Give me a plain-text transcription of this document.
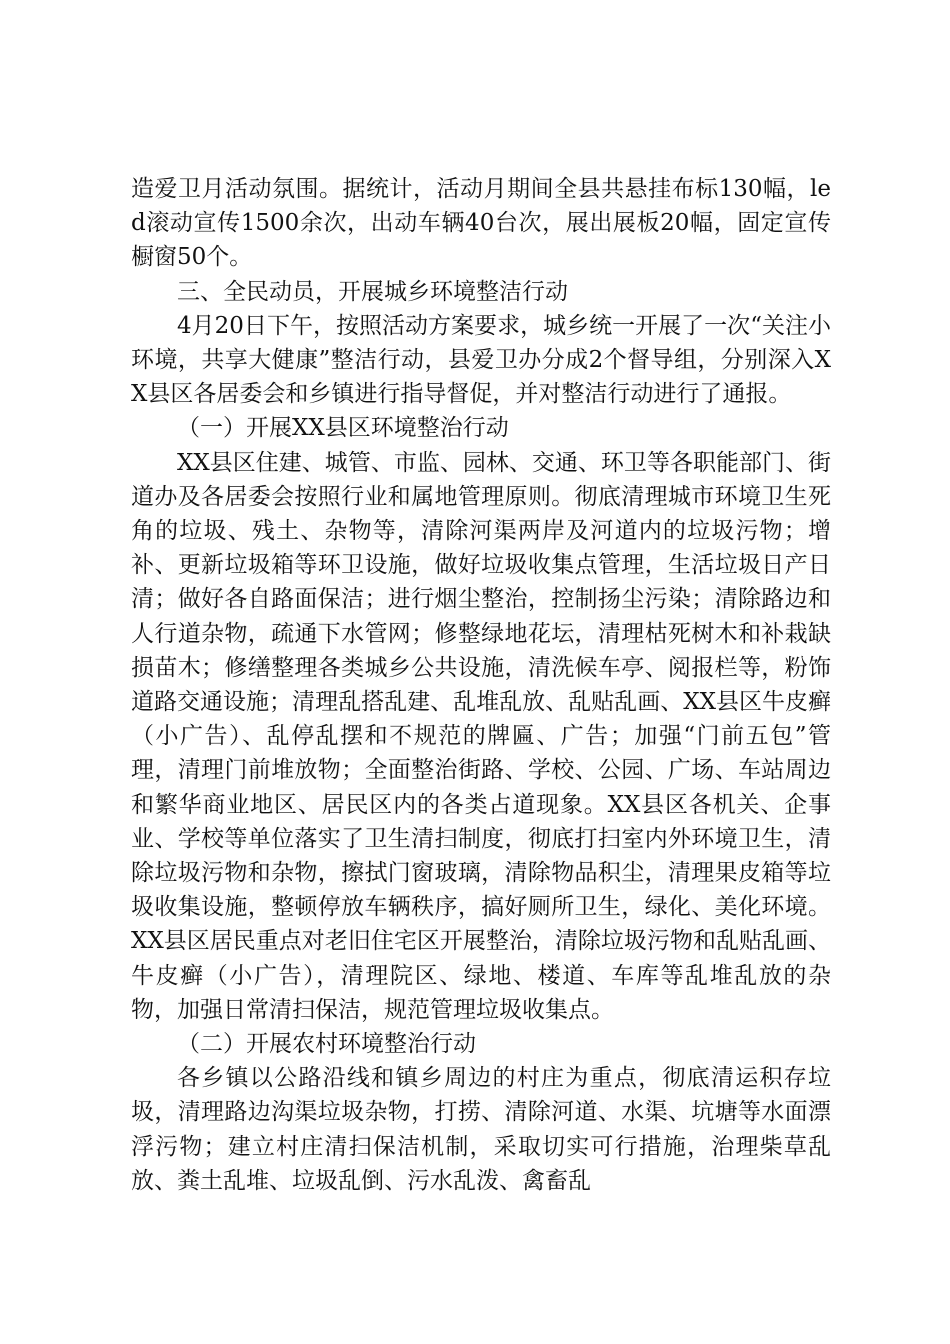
造爱卫月活动氛围。据统计，活动月期间全县共悬挂布标130幅，led滚动宣传1500余次，出动车辆40台次，展出展板20幅，固定宣传橱窗50个。

三、全民动员，开展城乡环境整洁行动

4月20日下午，按照活动方案要求，城乡统一开展了一次“关注小环境，共享大健康”整洁行动，县爱卫办分成2个督导组，分别深入XX县区各居委会和乡镇进行指导督促，并对整洁行动进行了通报。

（一）开展XX县区环境整治行动

XX县区住建、城管、市监、园林、交通、环卫等各职能部门、街道办及各居委会按照行业和属地管理原则。彻底清理城市环境卫生死角的垃圾、残土、杂物等，清除河渠两岸及河道内的垃圾污物；增补、更新垃圾箱等环卫设施，做好垃圾收集点管理，生活垃圾日产日清；做好各自路面保洁；进行烟尘整治，控制扬尘污染；清除路边和人行道杂物，疏通下水管网；修整绿地花坛，清理枯死树木和补栽缺损苗木；修缮整理各类城乡公共设施，清洗候车亭、阅报栏等，粉饰道路交通设施；清理乱搭乱建、乱堆乱放、乱贴乱画、XX县区牛皮癣（小广告）、乱停乱摆和不规范的牌匾、广告；加强“门前五包”管理，清理门前堆放物；全面整治街路、学校、公园、广场、车站周边和繁华商业地区、居民区内的各类占道现象。XX县区各机关、企事业、学校等单位落实了卫生清扫制度，彻底打扫室内外环境卫生，清除垃圾污物和杂物，擦拭门窗玻璃，清除物品积尘，清理果皮箱等垃圾收集设施，整顿停放车辆秩序，搞好厕所卫生，绿化、美化环境。XX县区居民重点对老旧住宅区开展整治，清除垃圾污物和乱贴乱画、牛皮癣（小广告），清理院区、绿地、楼道、车库等乱堆乱放的杂物，加强日常清扫保洁，规范管理垃圾收集点。

（二）开展农村环境整治行动

各乡镇以公路沿线和镇乡周边的村庄为重点，彻底清运积存垃圾，清理路边沟渠垃圾杂物，打捞、清除河道、水渠、坑塘等水面漂浮污物；建立村庄清扫保洁机制，采取切实可行措施，治理柴草乱放、粪土乱堆、垃圾乱倒、污水乱泼、禽畜乱
